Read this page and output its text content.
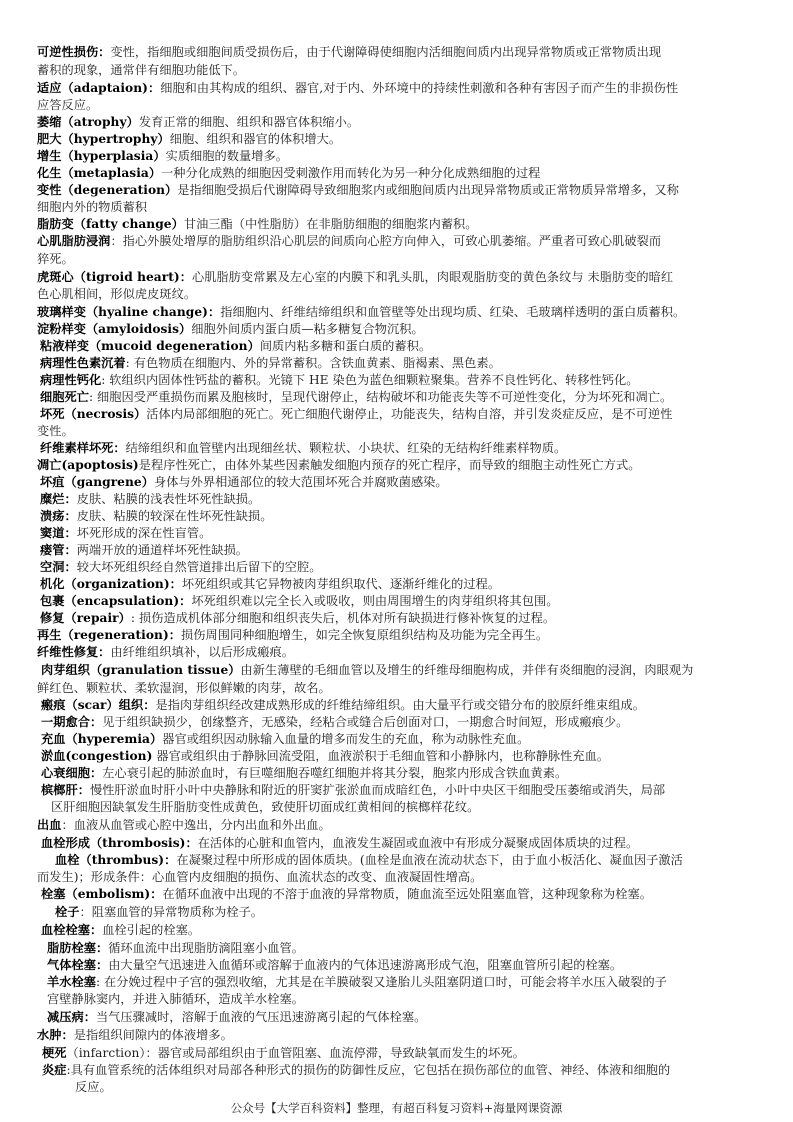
可逆性损伤：变性，指细胞或细胞间质受损伤后，由于代谢障碍使细胞内活细胞间质内出现异常物质或正常物质出现
蓄积的现象，通常伴有细胞功能低下。
适应（adaptaion)：细胞和由其构成的组织、器官,对于内、外环境中的持续性刺激和各种有害因子而产生的非损伤性
应答反应。
萎缩（atrophy）发育正常的细胞、组织和器官体积缩小。
肥大（hypertrophy）细胞、组织和器官的体积增大。
增生（hyperplasia）实质细胞的数量增多。
化生（metaplasia）一种分化成熟的细胞因受刺激作用而转化为另一种分化成熟细胞的过程
变性（degeneration）是指细胞受损后代谢障碍导致细胞浆内或细胞间质内出现异常物质或正常物质异常增多，又称
细胞内外的物质蓄积
脂肪变（fatty change）甘油三酯（中性脂肪）在非脂肪细胞的细胞浆内蓄积。
心肌脂肪浸润：指心外膜处增厚的脂肪组织沿心肌层的间质向心腔方向伸入，可致心肌萎缩。严重者可致心肌破裂而
猝死。
虎斑心（tigroid heart)：心肌脂肪变常累及左心室的内膜下和乳头肌，肉眼观脂肪变的黄色条纹与 未脂肪变的暗红
色心肌相间，形似虎皮斑纹。
玻璃样变（hyaline change)：指细胞内、纤维结缔组织和血管壁等处出现均质、红染、毛玻璃样透明的蛋白质蓄积。
淀粉样变（amyloidosis）细胞外间质内蛋白质—粘多糖复合物沉积。
粘液样变（mucoid degeneration）间质内粘多糖和蛋白质的蓄积。
病理性色素沉着: 有色物质在细胞内、外的异常蓄积。含铁血黄素、脂褐素、黑色素。
病理性钙化: 软组织内固体性钙盐的蓄积。光镜下 HE 染色为蓝色细颗粒聚集。营养不良性钙化、转移性钙化。
细胞死亡: 细胞因受严重损伤而累及胞核时，呈现代谢停止，结构破坏和功能丧失等不可逆性变化，分为坏死和凋亡。
坏死（necrosis）活体内局部细胞的死亡。死亡细胞代谢停止，功能丧失，结构自溶，并引发炎症反应，是不可逆性
变性。
纤维素样坏死：结缔组织和血管壁内出现细丝状、颗粒状、小块状、红染的无结构纤维素样物质。
凋亡(apoptosis)是程序性死亡，由体外某些因素触发细胞内预存的死亡程序，而导致的细胞主动性死亡方式。
坏疽（gangrene）身体与外界相通部位的较大范围坏死合并腐败菌感染。
糜烂：皮肤、粘膜的浅表性坏死性缺损。
溃疡：皮肤、粘膜的较深在性坏死性缺损。
窦道：坏死形成的深在性盲管。
瘘管：两端开放的通道样坏死性缺损。
空洞：较大坏死组织经自然管道排出后留下的空腔。
机化（organization)：坏死组织或其它异物被肉芽组织取代、逐渐纤维化的过程。
包裹（encapsulation)：坏死组织难以完全长入或吸收，则由周围增生的肉芽组织将其包围。
修复（repair）: 损伤造成机体部分细胞和组织丧失后，机体对所有缺损进行修补恢复的过程。
再生（regeneration)：损伤周围同种细胞增生，如完全恢复原组织结构及功能为完全再生。
纤维性修复：由纤维组织填补，以后形成瘢痕。
肉芽组织（granulation tissue）由新生薄壁的毛细血管以及增生的纤维母细胞构成，并伴有炎细胞的浸润，肉眼观为
鲜红色、颗粒状、柔软湿润，形似鲜嫩的肉芽，故名。
瘢痕（scar）组织：是指肉芽组织经改建成熟形成的纤维结缔组织。由大量平行或交错分布的胶原纤维束组成。
一期愈合：见于组织缺损少，创缘整齐，无感染，经粘合或缝合后创面对口，一期愈合时间短，形成瘢痕少。
充血（hyperemia）器官或组织因动脉输入血量的增多而发生的充血，称为动脉性充血。
淤血(congestion) 器官或组织由于静脉回流受阻，血液淤积于毛细血管和小静脉内，也称静脉性充血。
心衰细胞：左心衰引起的肺淤血时，有巨噬细胞吞噬红细胞并将其分裂，胞浆内形成含铁血黄素。
槟榔肝：慢性肝淤血时肝小叶中央静脉和附近的肝窦扩张淤血而成暗红色，小叶中央区干细胞受压萎缩或消失，局部
区肝细胞因缺氧发生肝脂肪变性成黄色，致使肝切面成红黄相间的槟榔样花纹。
出血：血液从血管或心腔中逸出，分内出血和外出血。
血栓形成（thrombosis)：在活体的心脏和血管内，血液发生凝固或血液中有形成分凝聚成固体质块的过程。
血栓（thrombus)：在凝聚过程中所形成的固体质块。(血栓是血液在流动状态下，由于血小板活化、凝血因子激活
而发生)；形成条件：心血管内皮细胞的损伤、血流状态的改变、血液凝固性增高。
栓塞（embolism)：在循环血液中出现的不溶于血液的异常物质，随血流至远处阻塞血管，这种现象称为栓塞。
栓子：阻塞血管的异常物质称为栓子。
血栓栓塞：血栓引起的栓塞。
脂肪栓塞：循环血流中出现脂肪滴阻塞小血管。
气体栓塞：由大量空气迅速进入血循环或溶解于血液内的气体迅速游离形成气泡，阻塞血管所引起的栓塞。
羊水栓塞: 在分娩过程中子宫的强烈收缩，尤其是在羊膜破裂又逢胎儿头阻塞阴道口时，可能会将羊水压入破裂的子
宫壁静脉窦内，并进入肺循环，造成羊水栓塞。
减压病：当气压骤减时，溶解于血液的气压迅速游离引起的气体栓塞。
水肿：是指组织间隙内的体液增多。
梗死（infarction）：器官或局部组织由于血管阻塞、血流停滞，导致缺氧而发生的坏死。
炎症:具有血管系统的活体组织对局部各种形式的损伤的防御性反应，它包括在损伤部位的血管、神经、体液和细胞的
反应。
公众号【大学百科资料】整理，有超百科复习资料+海量网课资源
